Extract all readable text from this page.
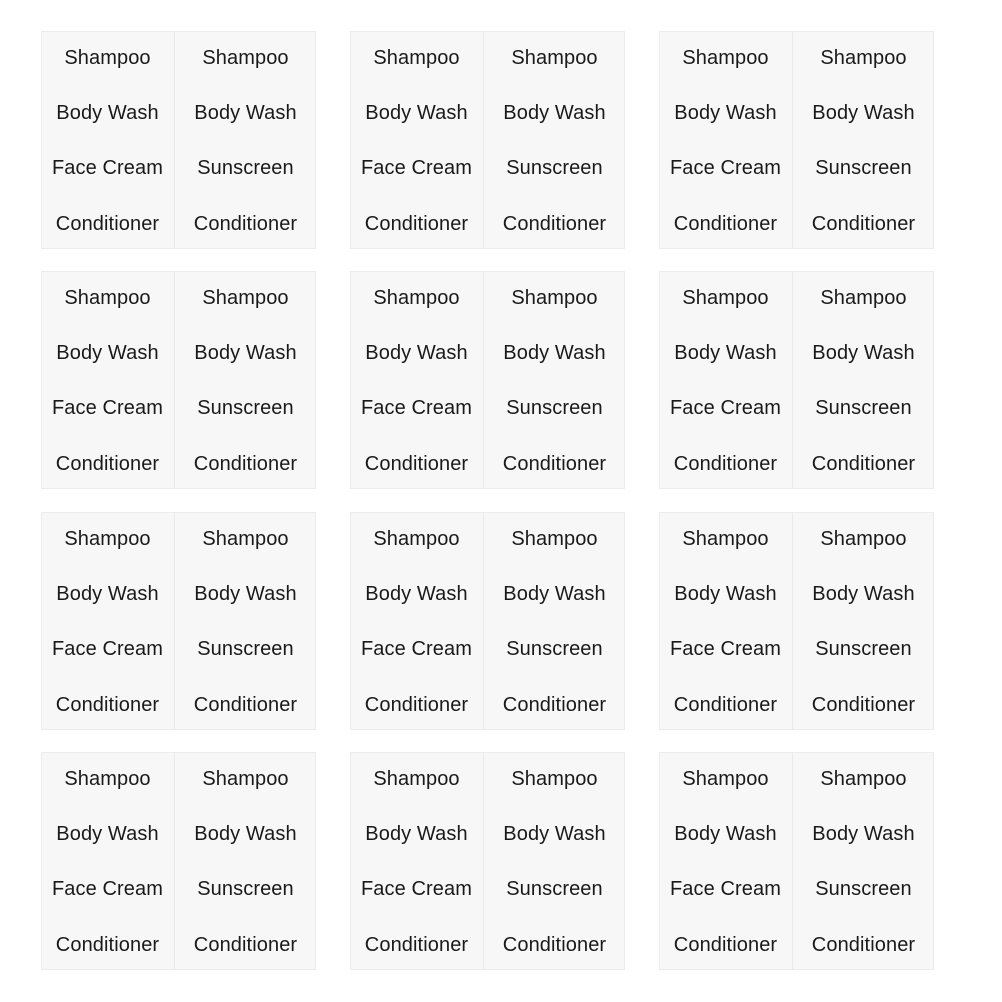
Shampoo	Shampoo
Body Wash	Body Wash
Face Cream	Sunscreen
Conditioner	Conditioner
Shampoo	Shampoo
Body Wash	Body Wash
Face Cream	Sunscreen
Conditioner	Conditioner
Shampoo	Shampoo
Body Wash	Body Wash
Face Cream	Sunscreen
Conditioner	Conditioner
Shampoo	Shampoo
Body Wash	Body Wash
Face Cream	Sunscreen
Conditioner	Conditioner
Shampoo	Shampoo
Body Wash	Body Wash
Face Cream	Sunscreen
Conditioner	Conditioner
Shampoo	Shampoo
Body Wash	Body Wash
Face Cream	Sunscreen
Conditioner	Conditioner
Shampoo	Shampoo
Body Wash	Body Wash
Face Cream	Sunscreen
Conditioner	Conditioner
Shampoo	Shampoo
Body Wash	Body Wash
Face Cream	Sunscreen
Conditioner	Conditioner
Shampoo	Shampoo
Body Wash	Body Wash
Face Cream	Sunscreen
Conditioner	Conditioner
Shampoo	Shampoo
Body Wash	Body Wash
Face Cream	Sunscreen
Conditioner	Conditioner
Shampoo	Shampoo
Body Wash	Body Wash
Face Cream	Sunscreen
Conditioner	Conditioner
Shampoo	Shampoo
Body Wash	Body Wash
Face Cream	Sunscreen
Conditioner	Conditioner
